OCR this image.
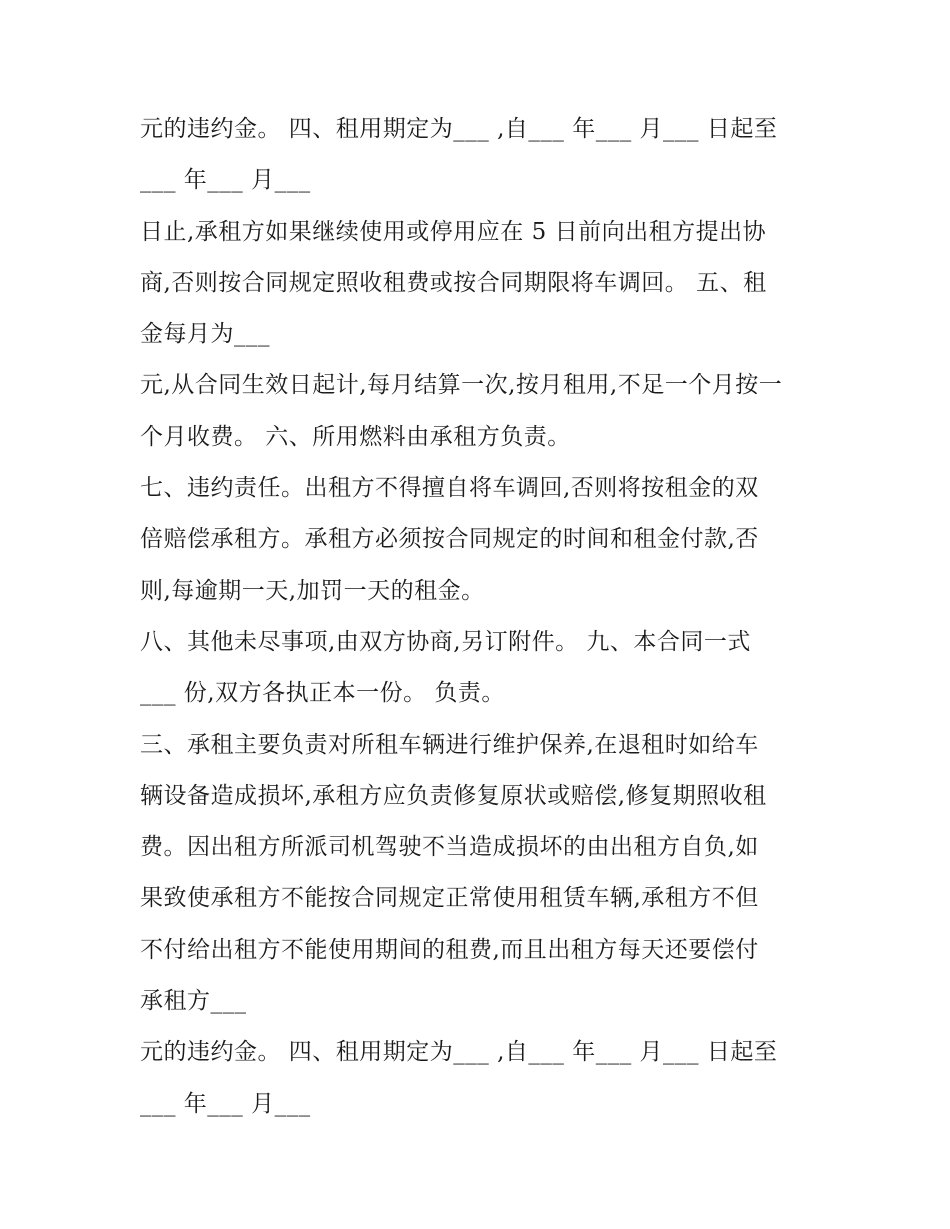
元的违约金。 四、租用期定为___ ,自___ 年___ 月___ 日起至
___ 年___ 月___
日止,承租方如果继续使用或停用应在 5 日前向出租方提出协
商,否则按合同规定照收租费或按合同期限将车调回。 五、租
金每月为___
元,从合同生效日起计,每月结算一次,按月租用,不足一个月按一
个月收费。 六、所用燃料由承租方负责。
七、违约责任。出租方不得擅自将车调回,否则将按租金的双
倍赔偿承租方。承租方必须按合同规定的时间和租金付款,否
则,每逾期一天,加罚一天的租金。
八、其他未尽事项,由双方协商,另订附件。 九、本合同一式
___ 份,双方各执正本一份。 负责。
三、承租主要负责对所租车辆进行维护保养,在退租时如给车
辆设备造成损坏,承租方应负责修复原状或赔偿,修复期照收租
费。因出租方所派司机驾驶不当造成损坏的由出租方自负,如
果致使承租方不能按合同规定正常使用租赁车辆,承租方不但
不付给出租方不能使用期间的租费,而且出租方每天还要偿付
承租方___
元的违约金。 四、租用期定为___ ,自___ 年___ 月___ 日起至
___ 年___ 月___
